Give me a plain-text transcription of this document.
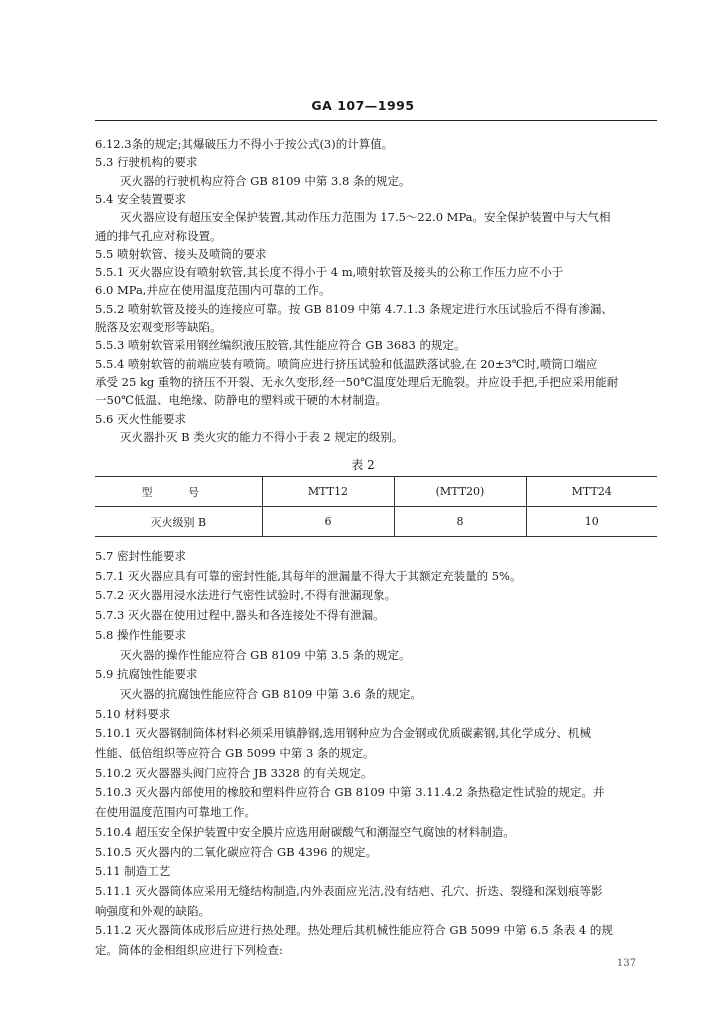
GA 107—1995
6.12.3条的规定;其爆破压力不得小于按公式(3)的计算值。
5.3 行驶机构的要求
灭火器的行驶机构应符合 GB 8109 中第 3.8 条的规定。
5.4 安全装置要求
灭火器应设有超压安全保护装置,其动作压力范围为 17.5～22.0 MPa。安全保护装置中与大气相
通的排气孔应对称设置。
5.5 喷射软管、接头及喷筒的要求
5.5.1 灭火器应设有喷射软管,其长度不得小于 4 m,喷射软管及接头的公称工作压力应不小于
6.0 MPa,并应在使用温度范围内可靠的工作。
5.5.2 喷射软管及接头的连接应可靠。按 GB 8109 中第 4.7.1.3 条规定进行水压试验后不得有渗漏、
脱落及宏观变形等缺陷。
5.5.3 喷射软管采用钢丝编织液压胶管,其性能应符合 GB 3683 的规定。
5.5.4 喷射软管的前端应装有喷筒。喷筒应进行挤压试验和低温跌落试验,在 20±3℃时,喷筒口端应
承受 25 kg 重物的挤压不开裂、无永久变形,经一50℃温度处理后无脆裂。并应设手把,手把应采用能耐
一50℃低温、电绝缘、防静电的塑料或干硬的木材制造。
5.6 灭火性能要求
灭火器扑灭 B 类火灾的能力不得小于表 2 规定的级别。
5.7 密封性能要求
5.7.1 灭火器应具有可靠的密封性能,其每年的泄漏量不得大于其额定充装量的 5%。
5.7.2 灭火器用浸水法进行气密性试验时,不得有泄漏现象。
5.7.3 灭火器在使用过程中,器头和各连接处不得有泄漏。
5.8 操作性能要求
灭火器的操作性能应符合 GB 8109 中第 3.5 条的规定。
5.9 抗腐蚀性能要求
灭火器的抗腐蚀性能应符合 GB 8109 中第 3.6 条的规定。
5.10 材料要求
5.10.1 灭火器钢制筒体材料必须采用镇静钢,选用钢种应为合金钢或优质碳素钢,其化学成分、机械
性能、低倍组织等应符合 GB 5099 中第 3 条的规定。
5.10.2 灭火器器头阀门应符合 JB 3328 的有关规定。
5.10.3 灭火器内部使用的橡胶和塑料件应符合 GB 8109 中第 3.11.4.2 条热稳定性试验的规定。并
在使用温度范围内可靠地工作。
5.10.4 超压安全保护装置中安全膜片应选用耐碳酸气和潮湿空气腐蚀的材料制造。
5.10.5 灭火器内的二氧化碳应符合 GB 4396 的规定。
5.11 制造工艺
5.11.1 灭火器筒体应采用无缝结构制造,内外表面应光洁,没有结疤、孔穴、折迭、裂缝和深划痕等影
响强度和外观的缺陷。
5.11.2 灭火器筒体成形后应进行热处理。热处理后其机械性能应符合 GB 5099 中第 6.5 条表 4 的规
定。筒体的金相组织应进行下列检查:
表 2
型 号	MTT12	(MTT20)	MTT24
灭火级别 B	6	8	10
137
